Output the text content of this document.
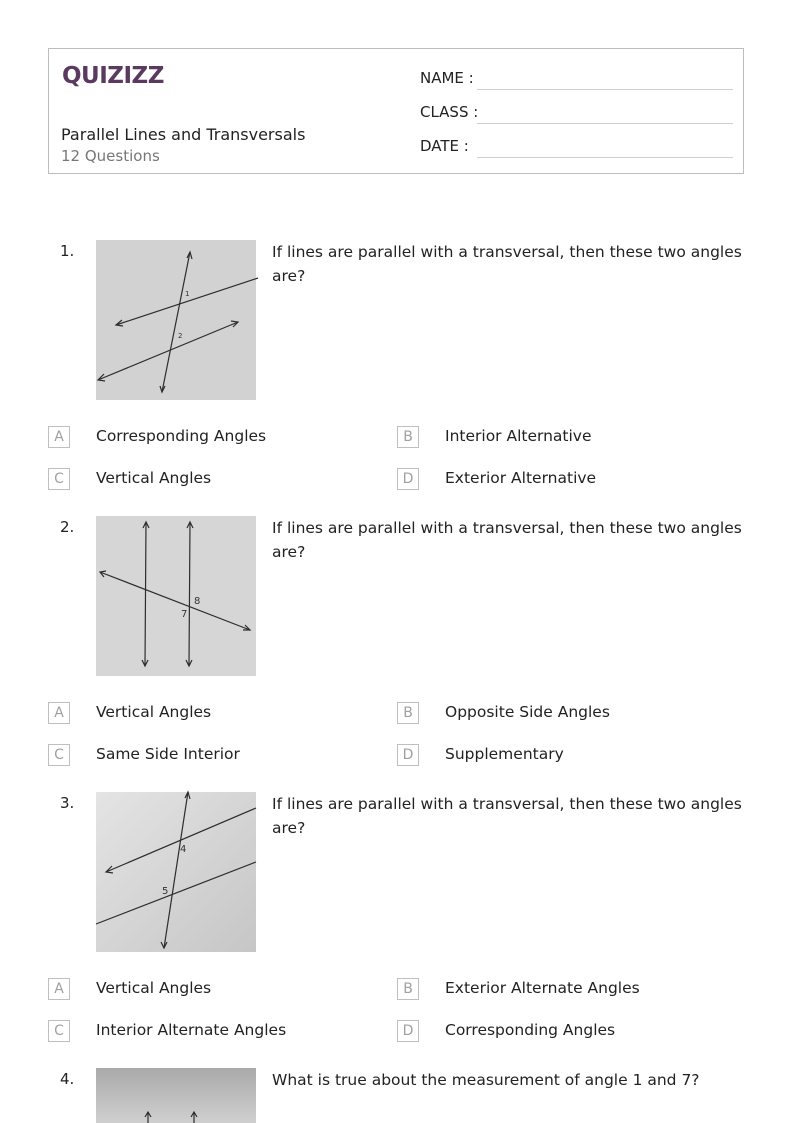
QUIZIZZ
Parallel Lines and Transversals
12 Questions
NAME :
CLASS :
DATE :
1.
1
2
If lines are parallel with a transversal, then these two angles are?
A	Corresponding Angles	B	Interior Alternative
C	Vertical Angles	D	Exterior Alternative
2.
8
7
If lines are parallel with a transversal, then these two angles are?
A	Vertical Angles	B	Opposite Side Angles
C	Same Side Interior	D	Supplementary
3.
4
5
If lines are parallel with a transversal, then these two angles are?
A	Vertical Angles	B	Exterior Alternate Angles
C	Interior Alternate Angles	D	Corresponding Angles
4.	What is true about the measurement of angle 1 and 7?
